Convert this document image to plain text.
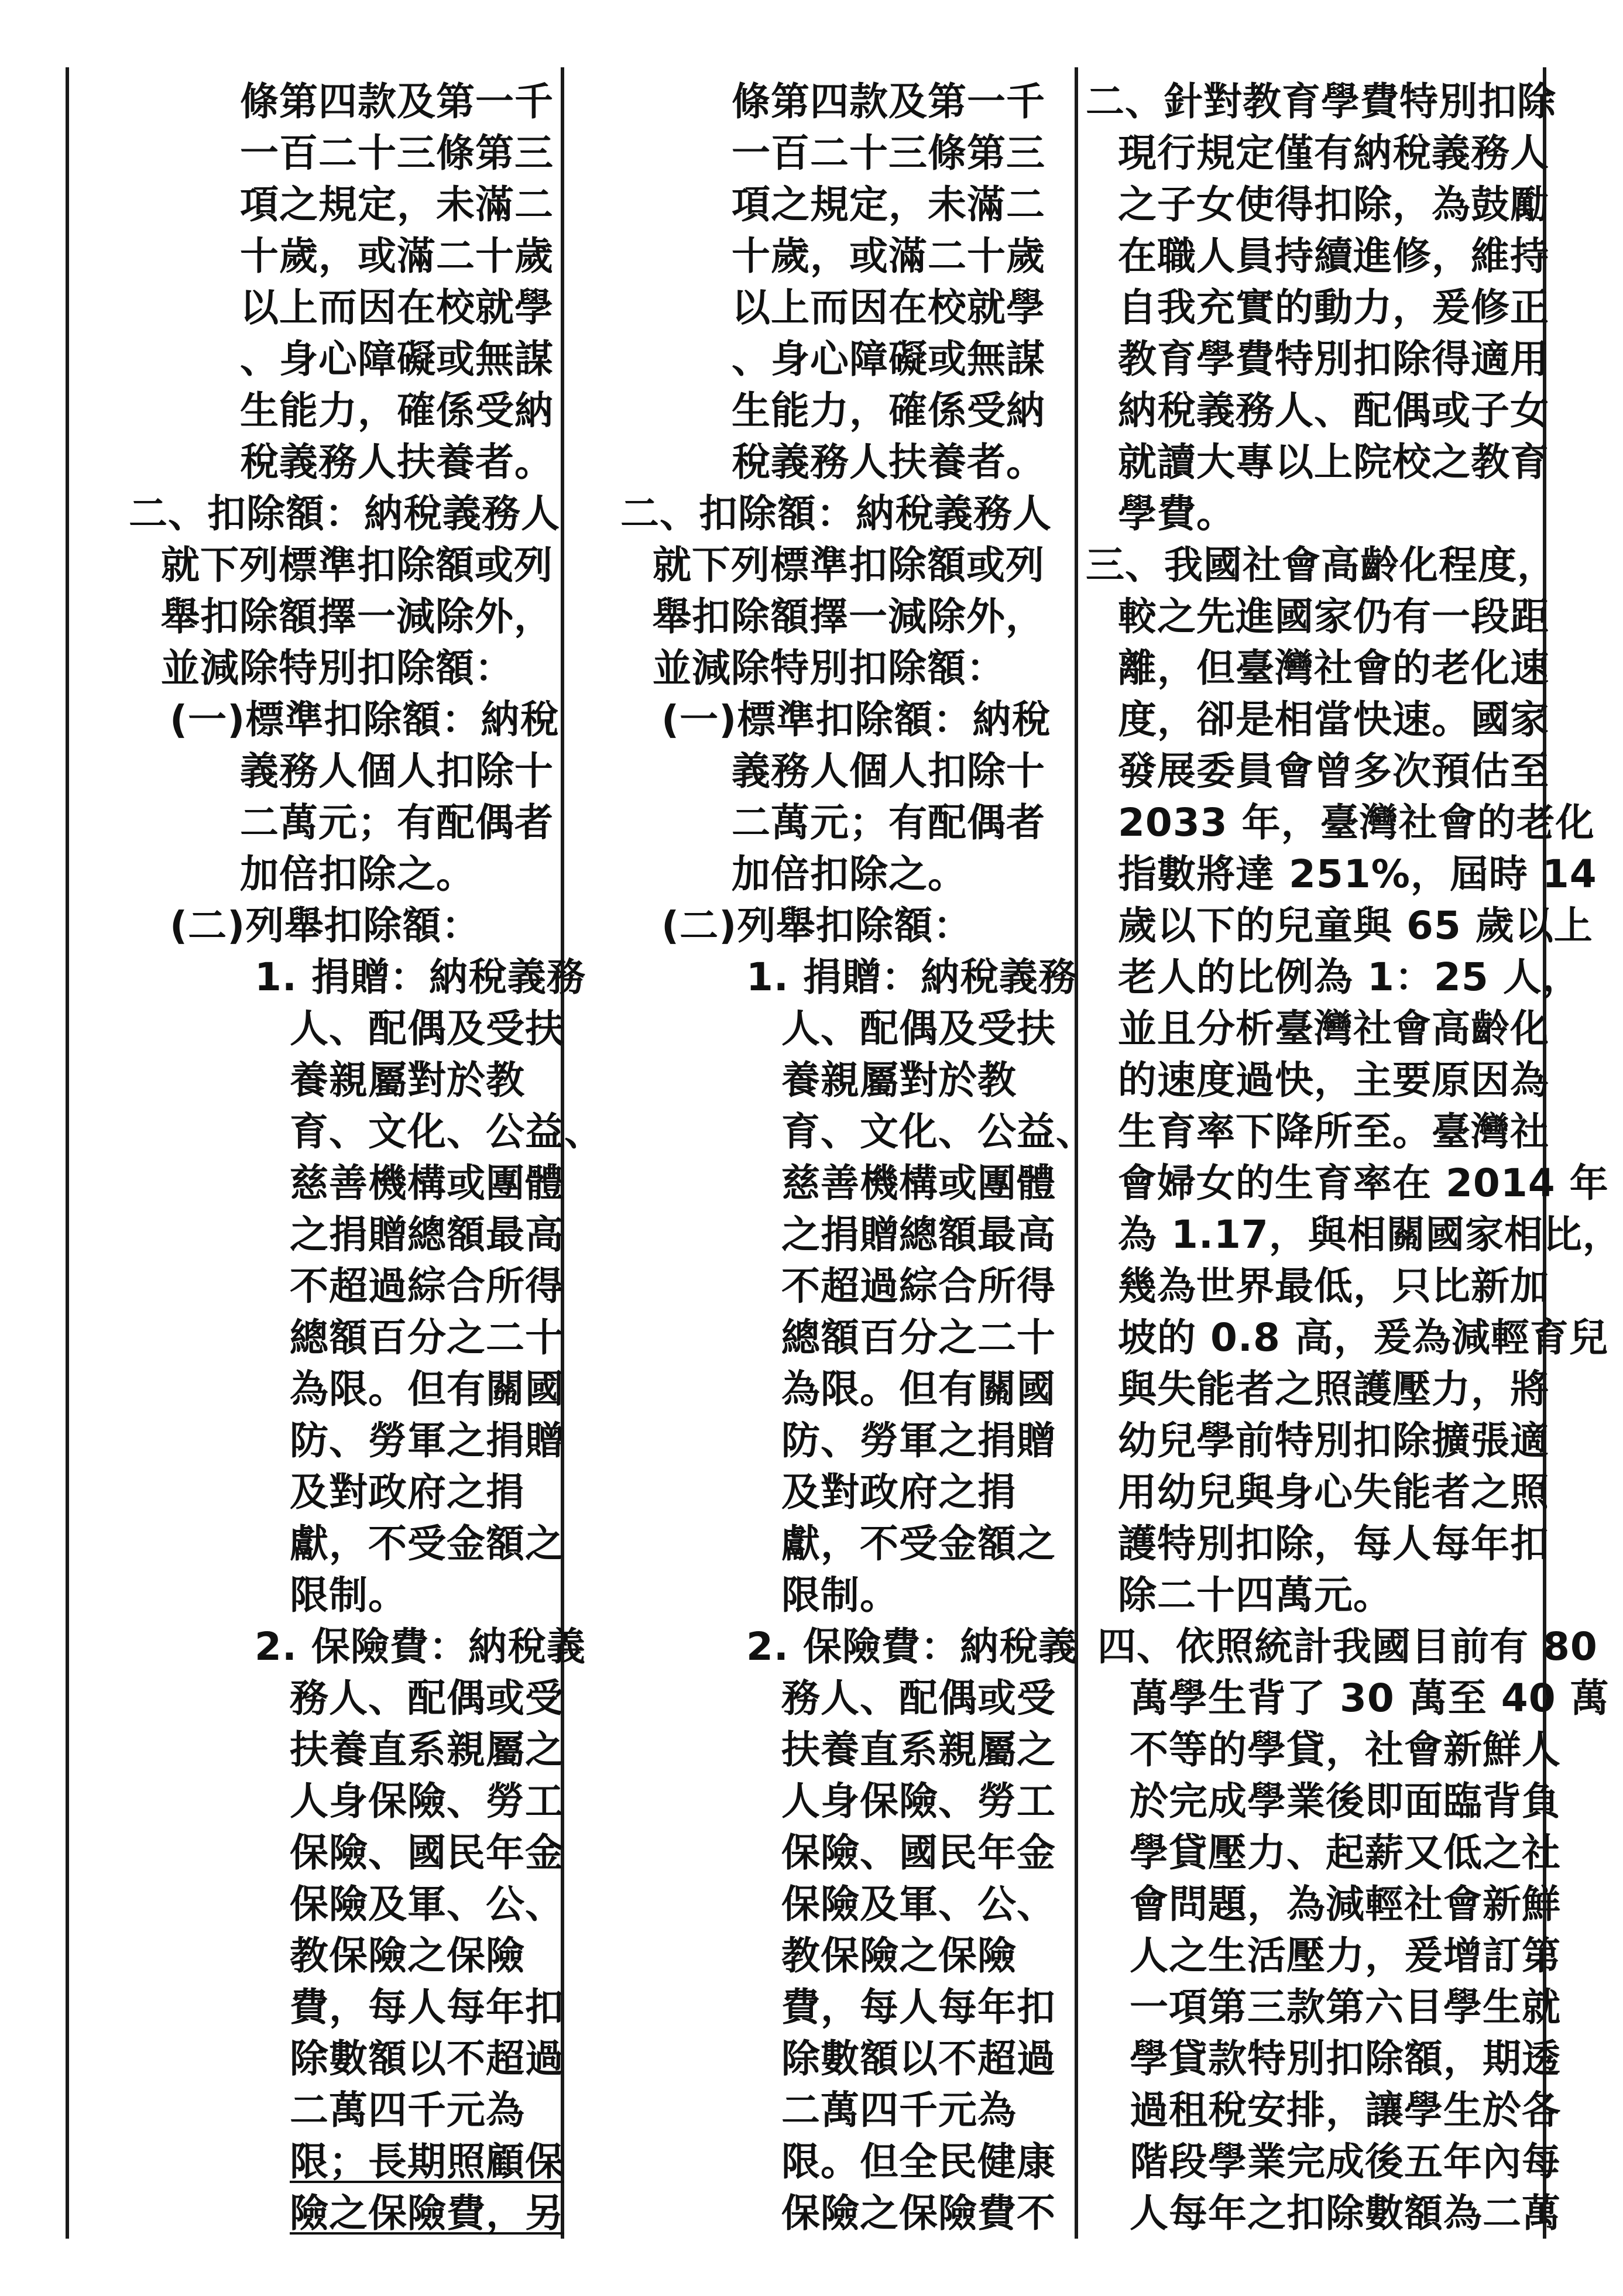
條第四款及第一千
一百二十三條第三
項之規定，未滿二
十歲，或滿二十歲
以上而因在校就學
、身心障礙或無謀
生能力，確係受納
稅義務人扶養者。
二、扣除額：納稅義務人
就下列標準扣除額或列
舉扣除額擇一減除外，
並減除特別扣除額：
(一)標準扣除額：納稅
義務人個人扣除十
二萬元；有配偶者
加倍扣除之。
(二)列舉扣除額：
1. 捐贈：納稅義務
人、配偶及受扶
養親屬對於教
育、文化、公益、
慈善機構或團體
之捐贈總額最高
不超過綜合所得
總額百分之二十
為限。但有關國
防、勞軍之捐贈
及對政府之捐
獻，不受金額之
限制。
2. 保險費：納稅義
務人、配偶或受
扶養直系親屬之
人身保險、勞工
保險、國民年金
保險及軍、公、
教保險之保險
費，每人每年扣
除數額以不超過
二萬四千元為
限；長期照顧保
險之保險費，另
條第四款及第一千
一百二十三條第三
項之規定，未滿二
十歲，或滿二十歲
以上而因在校就學
、身心障礙或無謀
生能力，確係受納
稅義務人扶養者。
二、扣除額：納稅義務人
就下列標準扣除額或列
舉扣除額擇一減除外，
並減除特別扣除額：
(一)標準扣除額：納稅
義務人個人扣除十
二萬元；有配偶者
加倍扣除之。
(二)列舉扣除額：
1. 捐贈：納稅義務
人、配偶及受扶
養親屬對於教
育、文化、公益、
慈善機構或團體
之捐贈總額最高
不超過綜合所得
總額百分之二十
為限。但有關國
防、勞軍之捐贈
及對政府之捐
獻，不受金額之
限制。
2. 保險費：納稅義
務人、配偶或受
扶養直系親屬之
人身保險、勞工
保險、國民年金
保險及軍、公、
教保險之保險
費，每人每年扣
除數額以不超過
二萬四千元為
限。但全民健康
保險之保險費不
二、針對教育學費特別扣除
現行規定僅有納稅義務人
之子女使得扣除，為鼓勵
在職人員持續進修，維持
自我充實的動力，爰修正
教育學費特別扣除得適用
納稅義務人、配偶或子女
就讀大專以上院校之教育
學費。
三、我國社會高齡化程度，
較之先進國家仍有一段距
離，但臺灣社會的老化速
度，卻是相當快速。國家
發展委員會曾多次預估至
2033 年，臺灣社會的老化
指數將達 251%，屆時 14
歲以下的兒童與 65 歲以上
老人的比例為 1：25 人，
並且分析臺灣社會高齡化
的速度過快，主要原因為
生育率下降所至。臺灣社
會婦女的生育率在 2014 年
為 1.17，與相關國家相比，
幾為世界最低，只比新加
坡的 0.8 高，爰為減輕育兒
與失能者之照護壓力，將
幼兒學前特別扣除擴張適
用幼兒與身心失能者之照
護特別扣除，每人每年扣
除二十四萬元。
四、依照統計我國目前有 80
萬學生背了 30 萬至 40 萬
不等的學貸，社會新鮮人
於完成學業後即面臨背負
學貸壓力、起薪又低之社
會問題，為減輕社會新鮮
人之生活壓力，爰增訂第
一項第三款第六目學生就
學貸款特別扣除額，期透
過租稅安排，讓學生於各
階段學業完成後五年內每
人每年之扣除數額為二萬
